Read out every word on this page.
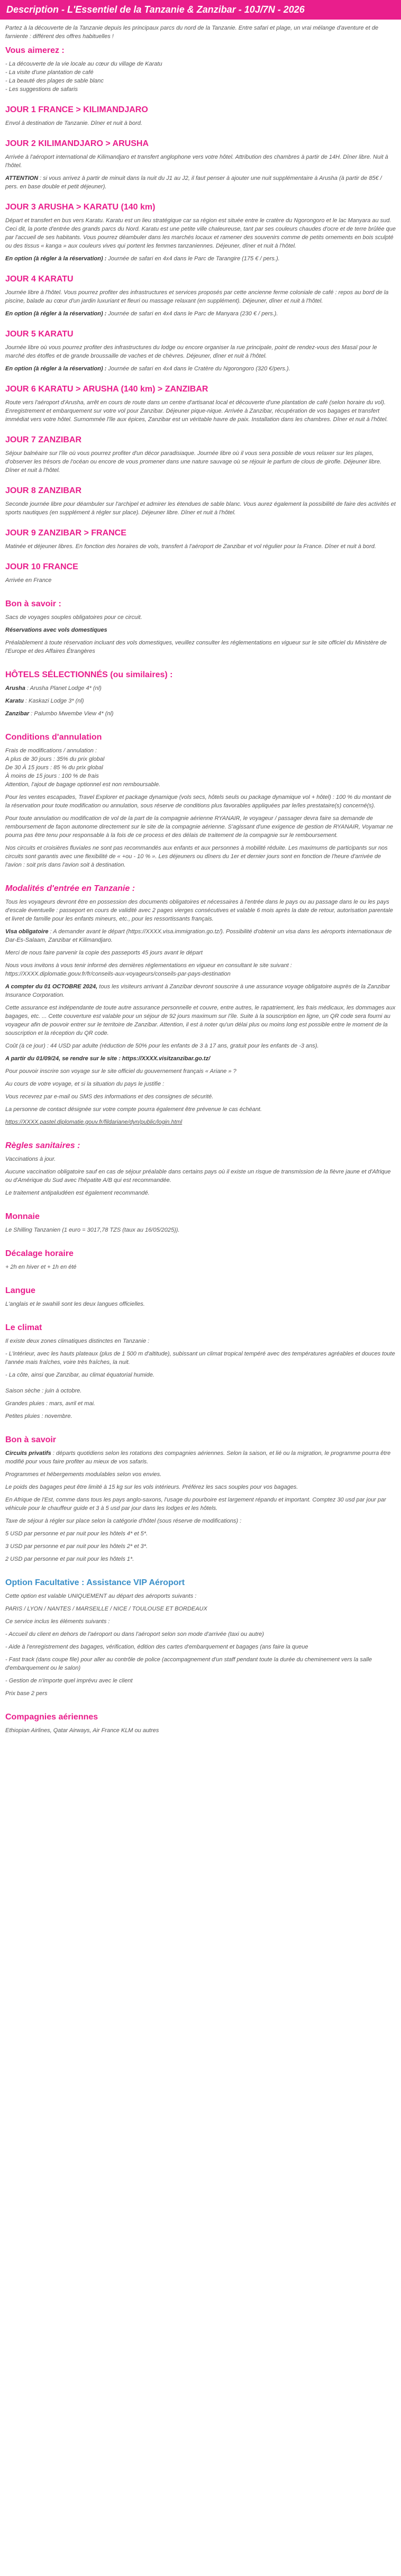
Description - L'Essentiel de la Tanzanie & Zanzibar - 10J/7N - 2026

Partez à la découverte de la Tanzanie depuis les principaux parcs du nord de la Tanzanie. Entre safari et plage, un vrai mélange d'aventure et de farniente : différent des offres habituelles !

Vous aimerez :
- La découverte de la vie locale au cœur du village de Karatu
- La visite d'une plantation de café
- La beauté des plages de sable blanc
- Les suggestions de safaris
JOUR 1 FRANCE > KILIMANDJARO

Envol à destination de Tanzanie. Dîner et nuit à bord.

JOUR 2 KILIMANDJARO > ARUSHA

Arrivée à l'aéroport international de Kilimandjaro et transfert anglophone vers votre hôtel. Attribution des chambres à partir de 14H. Dîner libre. Nuit à l'hôtel.

ATTENTION : si vous arrivez à partir de minuit dans la nuit du J1 au J2, il faut penser à ajouter une nuit supplémentaire à Arusha (à partir de 85€ / pers. en base double et petit déjeuner).

JOUR 3 ARUSHA > KARATU (140 km)

Départ et transfert en bus vers Karatu. Karatu est un lieu stratégique car sa région est située entre le cratère du Ngorongoro et le lac Manyara au sud. Ceci dit, la porte d'entrée des grands parcs du Nord. Karatu est une petite ville chaleureuse, tant par ses couleurs chaudes d'ocre et de terre brûlée que par l'accueil de ses habitants. Vous pourrez déambuler dans les marchés locaux et ramener des souvenirs comme de petits ornements en bois sculpté ou des tissus « kanga » aux couleurs vives qui portent les femmes tanzaniennes. Déjeuner, dîner et nuit à l'hôtel.

En option (à régler à la réservation) : Journée de safari en 4x4 dans le Parc de Tarangire (175 € / pers.).

JOUR 4 KARATU

Journée libre à l'hôtel. Vous pourrez profiter des infrastructures et services proposés par cette ancienne ferme coloniale de café : repos au bord de la piscine, balade au cœur d'un jardin luxuriant et fleuri ou massage relaxant (en supplément). Déjeuner, dîner et nuit à l'hôtel.

En option (à régler à la réservation) : Journée de safari en 4x4 dans le Parc de Manyara (230 € / pers.).

JOUR 5 KARATU

Journée libre où vous pourrez profiter des infrastructures du lodge ou encore organiser la rue principale, point de rendez-vous des Masaï pour le marché des étoffes et de grande broussaille de vaches et de chèvres. Déjeuner, dîner et nuit à l'hôtel.

En option (à régler à la réservation) : Journée de safari en 4x4 dans le Cratère du Ngorongoro (320 €/pers.).

JOUR 6 KARATU > ARUSHA (140 km) > ZANZIBAR

Route vers l'aéroport d'Arusha, arrêt en cours de route dans un centre d'artisanat local et découverte d'une plantation de café (selon horaire du vol). Enregistrement et embarquement sur votre vol pour Zanzibar. Déjeuner pique-nique. Arrivée à Zanzibar, récupération de vos bagages et transfert immédiat vers votre hôtel. Surnommée l'île aux épices, Zanzibar est un véritable havre de paix. Installation dans les chambres. Dîner et nuit à l'hôtel.

JOUR 7 ZANZIBAR

Séjour balnéaire sur l'île où vous pourrez profiter d'un décor paradisiaque. Journée libre où il vous sera possible de vous relaxer sur les plages, d'observer les trésors de l'océan ou encore de vous promener dans une nature sauvage où se réjouir le parfum de clous de girofle. Déjeuner libre. Dîner et nuit à l'hôtel.

JOUR 8 ZANZIBAR

Seconde journée libre pour déambuler sur l'archipel et admirer les étendues de sable blanc. Vous aurez également la possibilité de faire des activités et sports nautiques (en supplément à régler sur place). Déjeuner libre. Dîner et nuit à l'hôtel.

JOUR 9 ZANZIBAR > FRANCE

Matinée et déjeuner libres. En fonction des horaires de vols, transfert à l'aéroport de Zanzibar et vol régulier pour la France. Dîner et nuit à bord.

JOUR 10 FRANCE

Arrivée en France

Bon à savoir :

Sacs de voyages souples obligatoires pour ce circuit.

Réservations avec vols domestiques

Préalablement à toute réservation incluant des vols domestiques, veuillez consulter les réglementations en vigueur sur le site officiel du Ministère de l'Europe et des Affaires Étrangères

HÔTELS SÉLECTIONNÉS (ou similaires) :

Arusha : Arusha Planet Lodge 4* (nl)

Karatu : Kaskazi Lodge 3* (nl)

Zanzibar : Palumbo Mwembe View 4* (nl)

Conditions d'annulation
Frais de modifications / annulation :
A plus de 30 jours : 35% du prix global
De 30 À 15 jours : 85 % du prix global
À moins de 15 jours : 100 % de frais
Attention, l'ajout de bagage optionnel est non remboursable.

Pour les ventes escapades, Travel Explorer et package dynamique (vols secs, hôtels seuls ou package dynamique vol + hôtel) : 100 % du montant de la réservation pour toute modification ou annulation, sous réserve de conditions plus favorables appliquées par le/les prestataire(s) concerné(s).

Pour toute annulation ou modification de vol de la part de la compagnie aérienne RYANAIR, le voyageur / passager devra faire sa demande de remboursement de façon autonome directement sur le site de la compagnie aérienne. S'agissant d'une exigence de gestion de RYANAIR, Voyamar ne pourra pas être tenu pour responsable à la fois de ce process et des délais de traitement de la compagnie sur le remboursement.

Nos circuits et croisières fluviales ne sont pas recommandés aux enfants et aux personnes à mobilité réduite. Les maximums de participants sur nos circuits sont garantis avec une flexibilité de « +ou - 10 % ». Les déjeuners ou dîners du 1er et dernier jours sont en fonction de l'heure d'arrivée de l'avion : soit pris dans l'avion soit à destination.

Modalités d'entrée en Tanzanie :

Tous les voyageurs devront être en possession des documents obligatoires et nécessaires à l'entrée dans le pays ou au passage dans le ou les pays d'escale éventuelle : passeport en cours de validité avec 2 pages vierges consécutives et valable 6 mois après la date de retour, autorisation parentale et livret de famille pour les enfants mineurs, etc., pour les ressortissants français.

Visa obligatoire : A demander avant le départ (https://XXXX.visa.immigration.go.tz/). Possibilité d'obtenir un visa dans les aéroports internationaux de Dar-Es-Salaam, Zanzibar et Kilimandjaro.

Merci de nous faire parvenir la copie des passeports 45 jours avant le départ

Nous vous invitons à vous tenir informé des dernières réglementations en vigueur en consultant le site suivant : https://XXXX.diplomatie.gouv.fr/fr/conseils-aux-voyageurs/conseils-par-pays-destination

A compter du 01 OCTOBRE 2024, tous les visiteurs arrivant à Zanzibar devront souscrire à une assurance voyage obligatoire auprès de la Zanzibar Insurance Corporation.

Cette assurance est indépendante de toute autre assurance personnelle et couvre, entre autres, le rapatriement, les frais médicaux, les dommages aux bagages, etc. ... Cette couverture est valable pour un séjour de 92 jours maximum sur l'île. Suite à la souscription en ligne, un QR code sera fourni au voyageur afin de pouvoir entrer sur le territoire de Zanzibar. Attention, il est à noter qu'un délai plus ou moins long est possible entre le moment de la souscription et la réception du QR code.

Coût (à ce jour) : 44 USD par adulte (réduction de 50% pour les enfants de 3 à 17 ans, gratuit pour les enfants de -3 ans).

A partir du 01/09/24, se rendre sur le site : https://XXXX.visitzanzibar.go.tz/

Pour pouvoir inscrire son voyage sur le site officiel du gouvernement français « Ariane » ?

Au cours de votre voyage, et si la situation du pays le justifie :

Vous recevrez par e-mail ou SMS des informations et des consignes de sécurité.

La personne de contact désignée sur votre compte pourra également être prévenue le cas échéant.

https://XXXX.pastel.diplomatie.gouv.fr/fildariane/dyn/public/login.html

Règles sanitaires :

Vaccinations à jour.

Aucune vaccination obligatoire sauf en cas de séjour préalable dans certains pays où il existe un risque de transmission de la fièvre jaune et d'Afrique ou d'Amérique du Sud avec l'hépatite A/B qui est recommandée.

Le traitement antipaludéen est également recommandé.

Monnaie

Le Shilling Tanzanien (1 euro = 3017,78 TZS (taux au 16/05/2025)).

Décalage horaire

+ 2h en hiver et + 1h en été

Langue

L'anglais et le swahili sont les deux langues officielles.

Le climat

Il existe deux zones climatiques distinctes en Tanzanie :

- L'intérieur, avec les hauts plateaux (plus de 1 500 m d'altitude), subissant un climat tropical tempéré avec des températures agréables et douces toute l'année mais fraîches, voire très fraîches, la nuit.

- La côte, ainsi que Zanzibar, au climat équatorial humide.

Saison sèche : juin à octobre.

Grandes pluies : mars, avril et mai.

Petites pluies : novembre.

Bon à savoir

Circuits privatifs : départs quotidiens selon les rotations des compagnies aériennes. Selon la saison, et lié ou la migration, le programme pourra être modifié pour vous faire profiter au mieux de vos safaris.

Programmes et hébergements modulables selon vos envies.

Le poids des bagages peut être limité à 15 kg sur les vols intérieurs. Préférez les sacs souples pour vos bagages.

En Afrique de l'Est, comme dans tous les pays anglo-saxons, l'usage du pourboire est largement répandu et important. Comptez 30 usd par jour par véhicule pour le chauffeur guide et 3 à 5 usd par jour dans les lodges et les hôtels.

Taxe de séjour à régler sur place selon la catégorie d'hôtel (sous réserve de modifications) :

5 USD par personne et par nuit pour les hôtels 4* et 5*.

3 USD par personne et par nuit pour les hôtels 2* et 3*.

2 USD par personne et par nuit pour les hôtels 1*.

Option Facultative : Assistance VIP Aéroport

Cette option est valable UNIQUEMENT au départ des aéroports suivants :

PARIS / LYON / NANTES / MARSEILLE / NICE / TOULOUSE ET BORDEAUX

Ce service inclus les éléments suivants :

- Accueil du client en dehors de l'aéroport ou dans l'aéroport selon son mode d'arrivée (taxi ou autre)

- Aide à l'enregistrement des bagages, vérification, édition des cartes d'embarquement et bagages (ans faire la queue

- Fast track (dans coupe file) pour aller au contrôle de police (accompagnement d'un staff pendant toute la durée du cheminement vers la salle d'embarquement ou le salon)

- Gestion de n'importe quel imprévu avec le client

Prix base 2 pers

Compagnies aériennes

Ethiopian Airlines, Qatar Airways, Air France KLM ou autres
